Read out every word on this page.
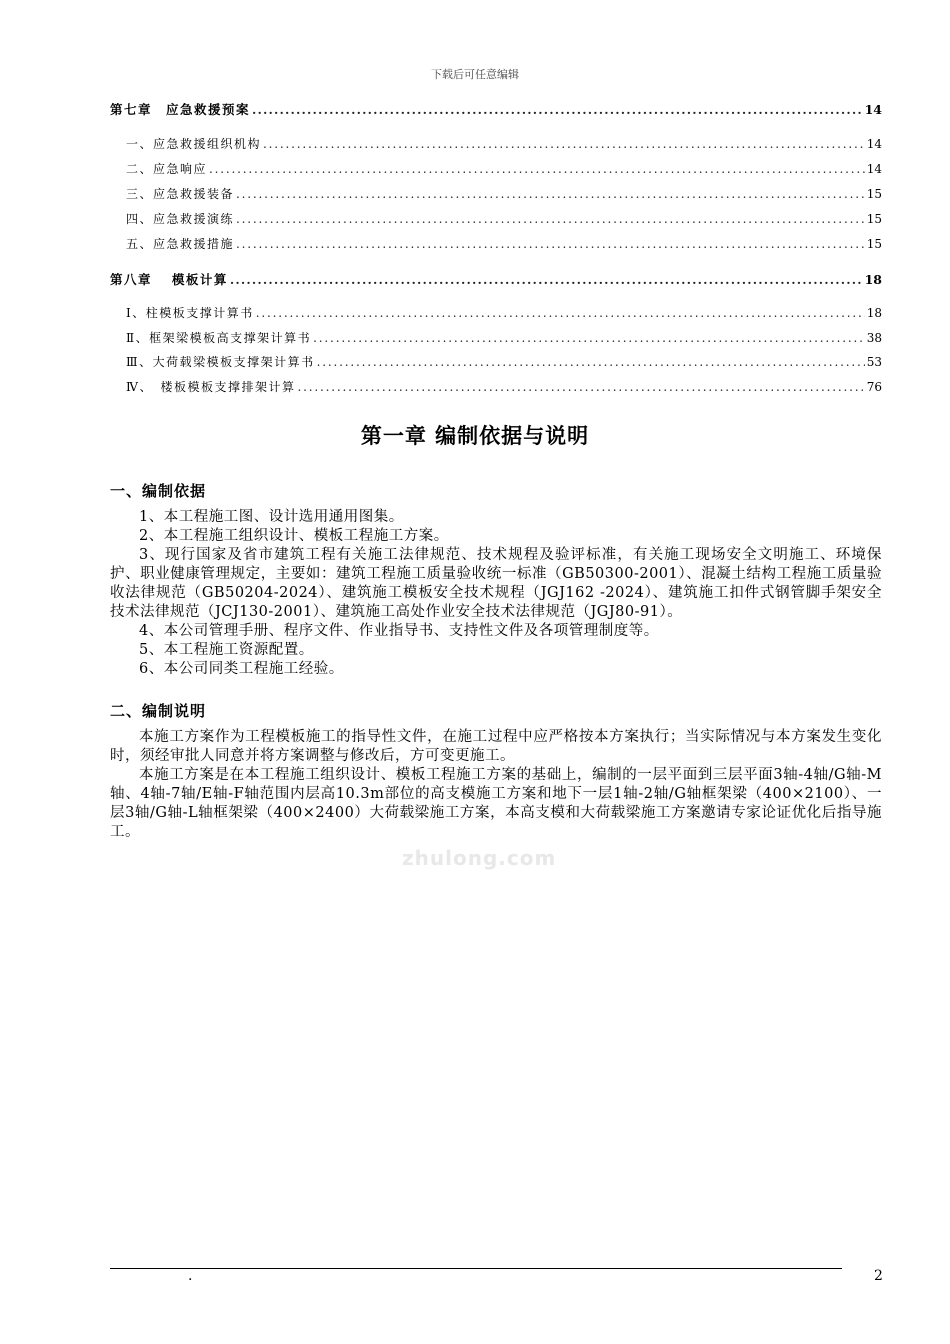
下载后可任意编辑
第七章　应急救援预案 . . .	14
一、应急救援组织机构 . . .	14
二、应急响应 . . .	14
三、应急救援装备 . . .	15
四、应急救援演练 . . .	15
五、应急救援措施 . . .	15
第八章　 模板计算 . . .	18
Ⅰ、柱模板支撑计算书 . . .	18
Ⅱ、框架梁模板高支撑架计算书 . . .	38
Ⅲ、大荷载梁模板支撑架计算书 . . .	53
Ⅳ、　楼板模板支撑排架计算 . . .	76
第一章 编制依据与说明
一、编制依据

1、本工程施工图、设计选用通用图集。

2、本工程施工组织设计、模板工程施工方案。

3、现行国家及省市建筑工程有关施工法律规范、技术规程及验评标准，有关施工现场安全文明施工、环境保护、职业健康管理规定，主要如：建筑工程施工质量验收统一标准（GB50300-2001）、混凝土结构工程施工质量验收法律规范（GB50204-2024）、建筑施工模板安全技术规程（JGJ162 -2024）、建筑施工扣件式钢管脚手架安全技术法律规范（JCJ130-2001）、建筑施工高处作业安全技术法律规范（JGJ80-91）。

4、本公司管理手册、程序文件、作业指导书、支持性文件及各项管理制度等。

5、本工程施工资源配置。

6、本公司同类工程施工经验。

二、编制说明

本施工方案作为工程模板施工的指导性文件，在施工过程中应严格按本方案执行；当实际情况与本方案发生变化时，须经审批人同意并将方案调整与修改后，方可变更施工。

本施工方案是在本工程施工组织设计、模板工程施工方案的基础上，编制的一层平面到三层平面3轴-4轴/G轴-M轴、4轴-7轴/E轴-F轴范围内层高10.3m部位的高支模施工方案和地下一层1轴-2轴/G轴框架梁（400×2100）、一层3轴/G轴-L轴框架梁（400×2400）大荷载梁施工方案，本高支模和大荷载梁施工方案邀请专家论证优化后指导施工。

zhulong.com
.	2
